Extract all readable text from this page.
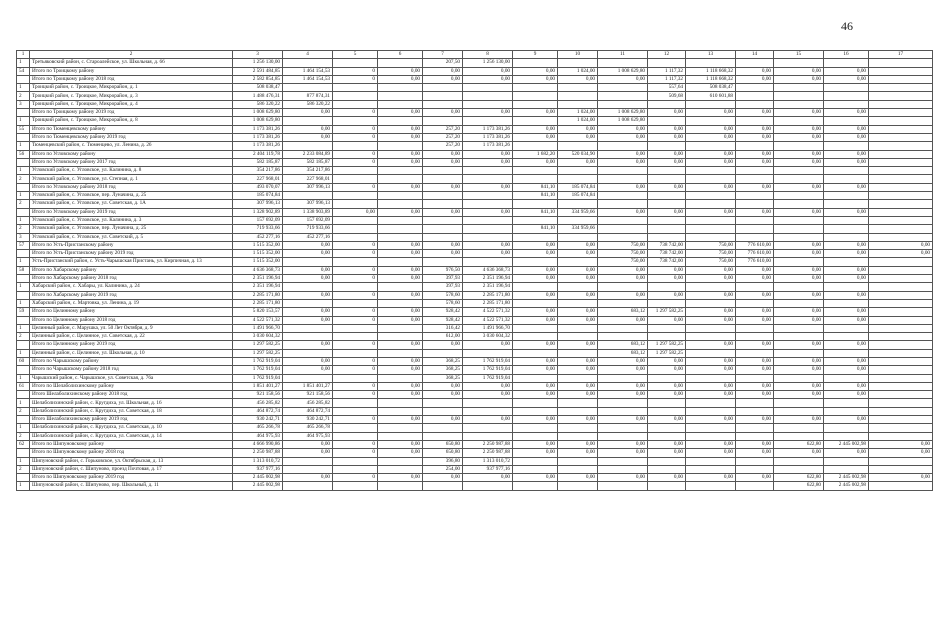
46
1	2	3	4	5	6	7	8	9	10	11	12	13	14	15	16	17
1	Третьяковский район, с. Староалейское, ул. Школьная, д. 66	1 256 130,00				207,50	1 256 130,00									
54	Итого по Троицкому району	2 591 484,85	1 464 154,53	0	0,00	0,00	0,00	0,00	1 024,00	1 008 629,80	1 117,32	1 118 668,32	0,00	0,00	0,00	
	Итого по Троицкому району 2018 год	2 582 854,85	1 464 154,53	0	0,00	0,00	0,00	0,00	0,00	0,00	1 117,32	1 118 668,32	0,00	0,00	0,00	
1	Троицкий район, с. Троицкое, Микрорайон, д. 1	508 038,47									557,64	508 038,47				
2	Троицкий район, с. Троицкое, Микрорайон, д. 3	1 488 476,31	877 874,31								509,68	610 601,88				
3	Троицкий район, с. Троицкое, Микрорайон, д. 4	586 320,22	586 320,22													
	Итого по Троицкому району 2019 год	1 008 629,80	0,00	0	0,00	0,00	0,00	0,00	1 024,00	1 008 629,80	0,00	0,00	0,00	0,00	0,00	
1	Троицкий район, с. Троицкое, Микрорайон, д. 8	1 008 629,80							1 024,00	1 008 629,80						
55	Итого по Тюменцевскому району	1 173 381,26	0,00	0	0,00	257,20	1 173 381,26	0,00	0,00	0,00	0,00	0,00	0,00	0,00	0,00	
	Итого по Тюменцевскому району 2019 год	1 173 381,26	0,00	0	0,00	257,20	1 173 381,26	0,00	0,00	0,00	0,00	0,00	0,00	0,00	0,00	
1	Тюменцевский район, с. Тюменцево, ул. Ленина, д. 26	1 173 381,26				257,20	1 173 381,26									
56	Итого по Угловскому району	2 404 119,78	2 233 084,89	0	0,00	0,00	0,00	1 682,20	520 034,90	0,00	0,00	0,00	0,00	0,00	0,00	
	Итого по Угловскому району 2017 год	582 185,87	582 185,87	0	0,00	0,00	0,00	0,00	0,00	0,00	0,00	0,00	0,00	0,00	0,00	
1	Угловский район, с. Угловское, ул. Калинина, д. 8	354 217,86	354 217,86													
2	Угловский район, с. Угловское, ул. Степная, д. 1	227 968,01	227 968,01													
	Итого по Угловскому району 2018 год	493 070,07	307 996,13	0	0,00	0,00	0,00	841,10	185 074,84	0,00	0,00	0,00	0,00	0,00	0,00	
1	Угловский район, с. Угловское, пер. Луначина, д. 25	185 074,84						841,10	185 074,84							
2	Угловский район, с. Угловское, ул. Советская, д. 1А	307 996,13	307 996,13													
	Итого по Угловскому району 2019 год	1 328 902,89	1 338 903,89	0,00	0,00	0,00	0,00	841,10	334 959,66	0,00	0,00	0,00	0,00	0,00	0,00	
1	Угловский район, с. Угловское, ул. Калинина, д. 3	157 692,09	157 692,09													
2	Угловский район, с. Угловское, пер. Луначина, д. 25	719 933,66	719 933,66					841,10	334 959,66							
3	Угловский район, с. Угловское, ул. Советский, д. 5	452 277,16	452 277,16													
57	Итого по Усть-Пристанскому району	1 515 352,00	0,00	0	0,00	0,00	0,00	0,00	0,00	750,00	738 742,00	750,00	776 610,00	0,00	0,00	0,00
	Итого по Усть-Пристанскому району 2019 год	1 515 352,00	0,00	0	0,00	0,00	0,00	0,00	0,00	750,00	738 742,00	750,00	776 610,00	0,00	0,00	0,00
1	Усть-Пристанский район, с. Усть-Чарышская Пристань, ул. Кирпичная, д. 13	1 515 352,00								750,00	738 742,00	750,00	776 610,00			
58	Итого по Хабарскому району	4 636 368,73	0,00	0	0,00	976,50	4 636 368,73	0,00	0,00	0,00	0,00	0,00	0,00	0,00	0,00	
	Итого по Хабарскому району 2018 год	2 351 196,94	0,00	0	0,00	397,93	2 351 196,94	0,00	0,00	0,00	0,00	0,00	0,00	0,00	0,00	
1	Хабарский район, с. Хабары, ул. Калинина, д. 24	2 351 196,94				397,93	2 351 196,94									
	Итого по Хабарскому району 2019 год	2 285 171,80	0,00	0	0,00	578,60	2 285 171,80	0,00	0,00	0,00	0,00	0,00	0,00	0,00	0,00	
1	Хабарский район, с. Мартовка, ул. Ленина, д. 19	2 285 171,80				578,60	2 285 171,80									
59	Итого по Целинному району	5 820 153,57	0,00	0	0,00	928,42	4 522 571,32	0,00	0,00	683,12	1 297 582,25	0,00	0,00	0,00	0,00	
	Итого по Целинному району 2018 год	4 522 571,32	0,00	0	0,00	928,42	4 522 571,32	0,00	0,00	0,00	0,00	0,00	0,00	0,00	0,00	
1	Целинный район, с. Марушка, ул. 50 Лет Октября, д. 9	1 491 966,70				316,42	1 491 966,70									
2	Целинный район, с. Целинное, ул. Советская, д. 22	3 030 604,32				612,00	3 030 604,32									
	Итого по Целинному району 2019 год	1 297 582,25	0,00	0	0,00	0,00	0,00	0,00	0,00	683,12	1 297 582,25	0,00	0,00	0,00	0,00	
1	Целинный район, с. Целинное, ул. Школьная, д. 10	1 297 582,25								683,12	1 297 582,25					
60	Итого по Чарышскому району	1 762 919,04	0,00	0	0,00	368,25	1 762 919,04	0,00	0,00	0,00	0,00	0,00	0,00	0,00	0,00	
	Итого по Чарышскому району 2018 год	1 762 919,04	0,00	0	0,00	368,25	1 762 919,04	0,00	0,00	0,00	0,00	0,00	0,00	0,00	0,00	
1	Чарышский район, с. Чарышское, ул. Советская, д. 76а	1 762 919,04				368,25	1 762 919,04									
61	Итого по Шелаболихинскому району	1 851 401,27	1 851 401,27	0	0,00	0,00	0,00	0,00	0,00	0,00	0,00	0,00	0,00	0,00	0,00	
	Итого Шелаболихинскому району 2018 год	921 158,56	921 158,56	0	0,00	0,00	0,00	0,00	0,00	0,00	0,00	0,00	0,00	0,00	0,00	
1	Шелаболихинский район, с. Кругдиха, ул. Школьная, д. 16	456 285,82	456 285,82													
2	Шелаболихинский район, с. Кругдиха, ул. Советская, д. 18	464 872,74	464 872,74													
	Итого Шелаболихинскому району 2019 год	930 242,71	930 242,71	0	0,00	0,00	0,00	0,00	0,00	0,00	0,00	0,00	0,00	0,00	0,00	
1	Шелаболихинский район, с. Кругдиха, ул. Советская, д. 10	465 266,78	465 266,78													
2	Шелаболихинский район, с. Кругдиха, ул. Советская, д. 14	464 975,93	464 975,93													
62	Итого по Шипуновскому району	4 666 990,86	0,00	0	0,00	650,80	2 250 987,88	0,00	0,00	0,00	0,00	0,00	0,00	622,80	2 445 002,98	0,00
	Итого по Шипуновскому району 2018 год	2 250 987,88	0,00	0	0,00	650,80	2 250 987,88	0,00	0,00	0,00	0,00	0,00	0,00	0,00	0,00	0,00
1	Шипуновский район, с. Горьковское, ул. Октябрьская, д. 13	1 313 010,72				396,80	1 313 010,72									
2	Шипуновский район, с. Шипуново, проезд Почтовая, д. 17	937 977,16				254,00	937 977,16									
	Итого по Шипуновскому району 2019 год	2 445 002,98	0,00	0	0,00	0,00	0,00	0,00	0,00	0,00	0,00	0,00	0,00	622,80	2 445 002,98	0,00
1	Шипуновский район, с. Шипуново, пер. Школьный, д. 11	2 445 002,98												622,80	2 445 002,98	
